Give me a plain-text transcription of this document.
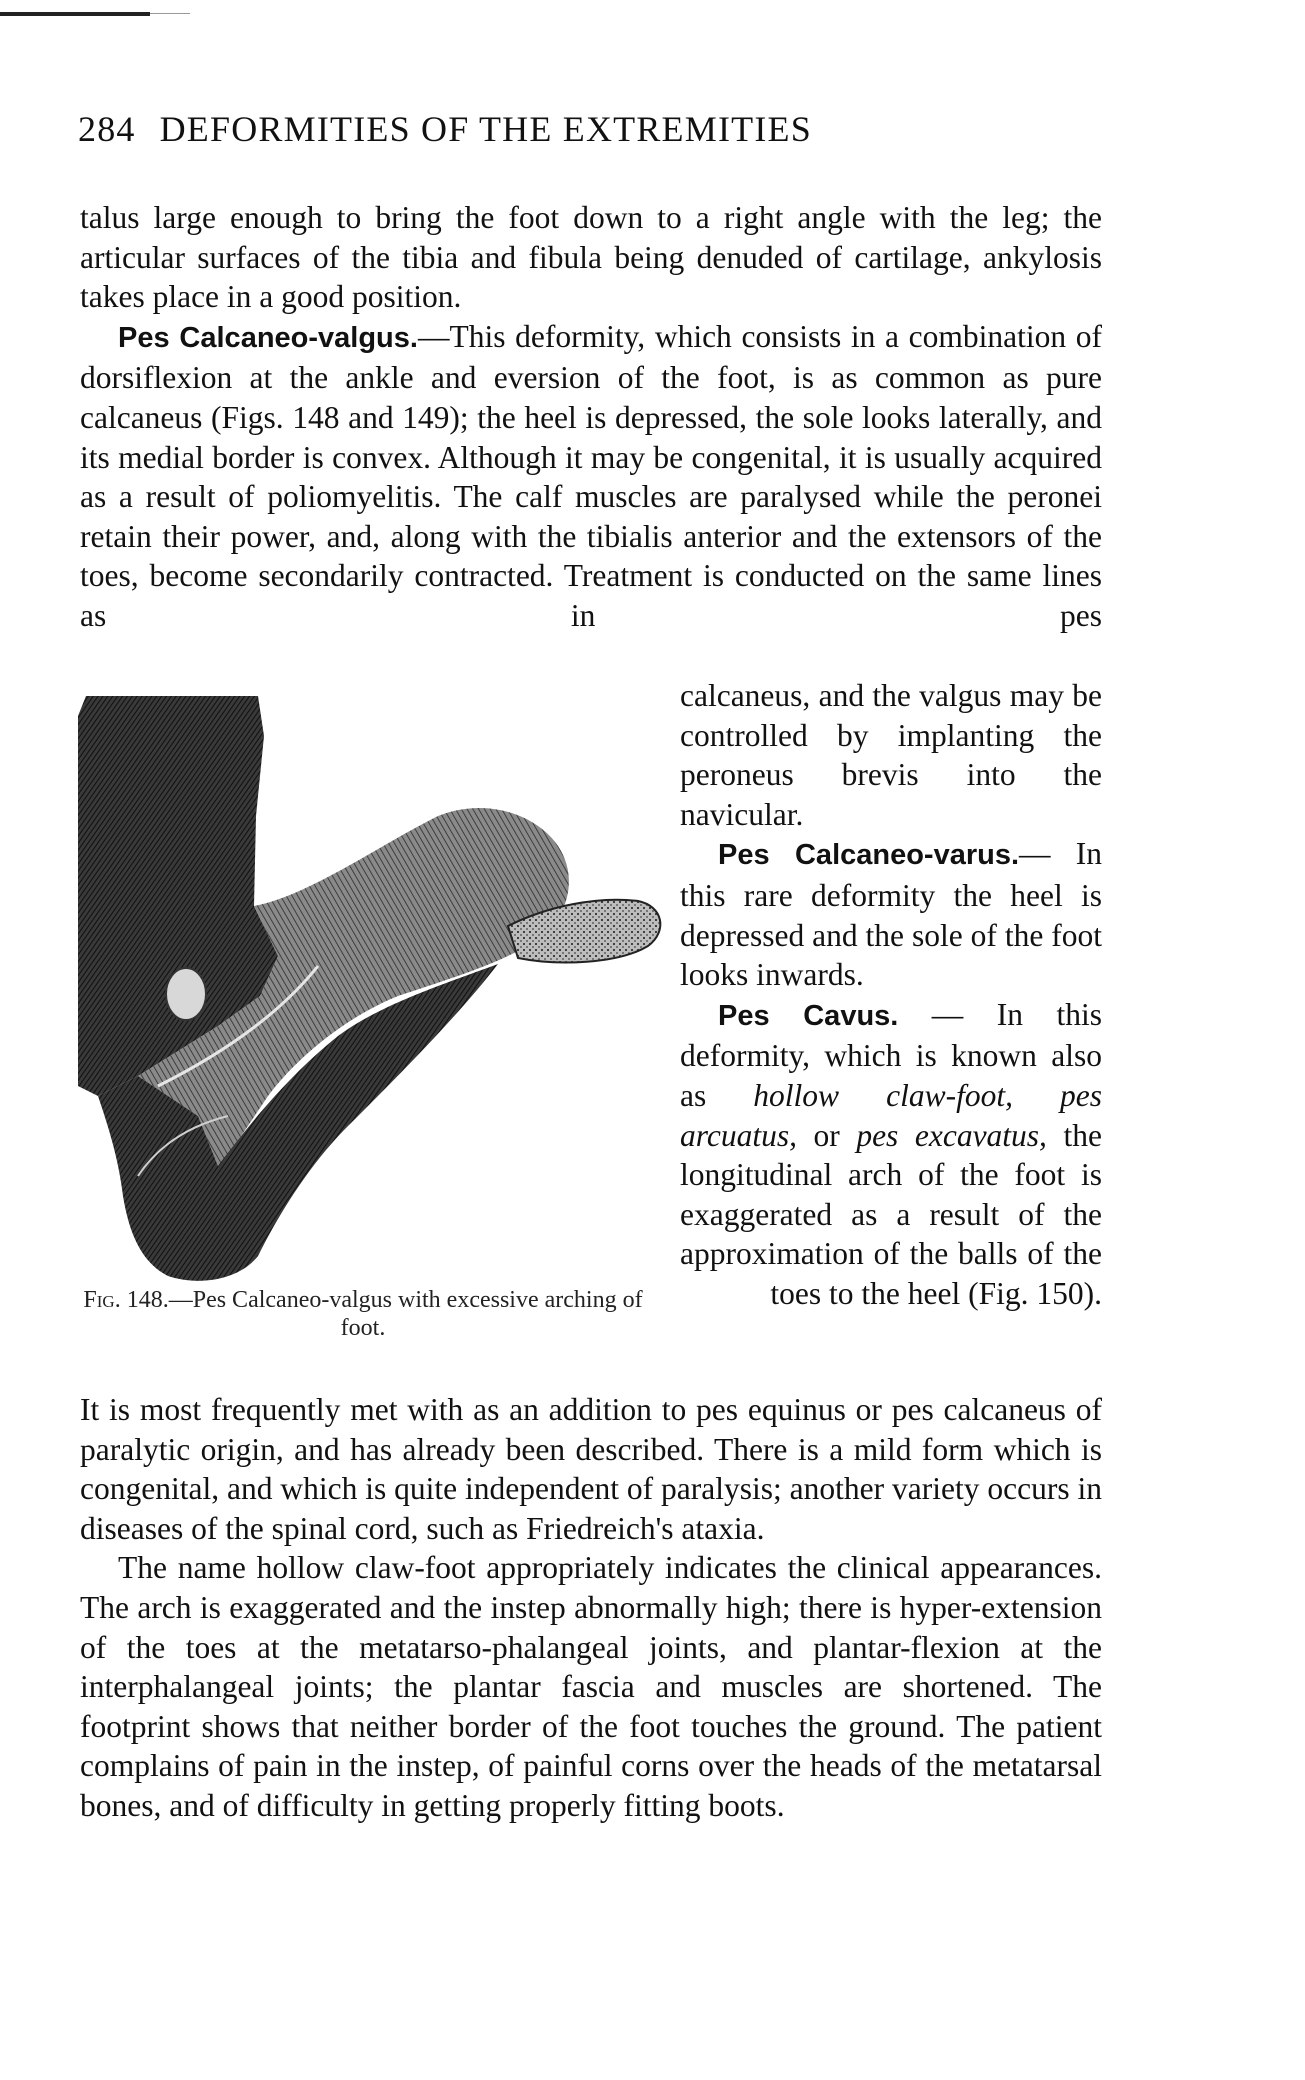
284 DEFORMITIES OF THE EXTREMITIES

talus large enough to bring the foot down to a right angle with the leg; the articular surfaces of the tibia and fibula being denuded of cartilage, ankylosis takes place in a good position.

Pes Calcaneo-valgus.—This deformity, which consists in a combination of dorsiflexion at the ankle and eversion of the foot, is as common as pure calcaneus (Figs. 148 and 149); the heel is depressed, the sole looks laterally, and its medial border is convex. Although it may be congenital, it is usually acquired as a result of poliomyelitis. The calf muscles are paralysed while the peronei retain their power, and, along with the tibialis anterior and the extensors of the toes, become secondarily contracted. Treatment is conducted on the same lines as in pes

Fig. 148.—Pes Calcaneo-valgus with excessive arching of foot.

calcaneus, and the valgus may be controlled by implanting the peroneus brevis into the navicular.

Pes Calcaneo-varus.— In this rare deformity the heel is depressed and the sole of the foot looks inwards.

Pes Cavus. — In this deformity, which is known also as hollow claw-foot, pes arcuatus, or pes excavatus, the longitudinal arch of the foot is exaggerated as a result of the approximation of the balls of the toes to the heel (Fig. 150).

It is most frequently met with as an addition to pes equinus or pes calcaneus of paralytic origin, and has already been described. There is a mild form which is congenital, and which is quite independent of paralysis; another variety occurs in diseases of the spinal cord, such as Friedreich's ataxia.

The name hollow claw-foot appropriately indicates the clinical appearances. The arch is exaggerated and the instep abnormally high; there is hyper-extension of the toes at the metatarso-phalangeal joints, and plantar-flexion at the interphalangeal joints; the plantar fascia and muscles are shortened. The footprint shows that neither border of the foot touches the ground. The patient complains of pain in the instep, of painful corns over the heads of the metatarsal bones, and of difficulty in getting properly fitting boots.
